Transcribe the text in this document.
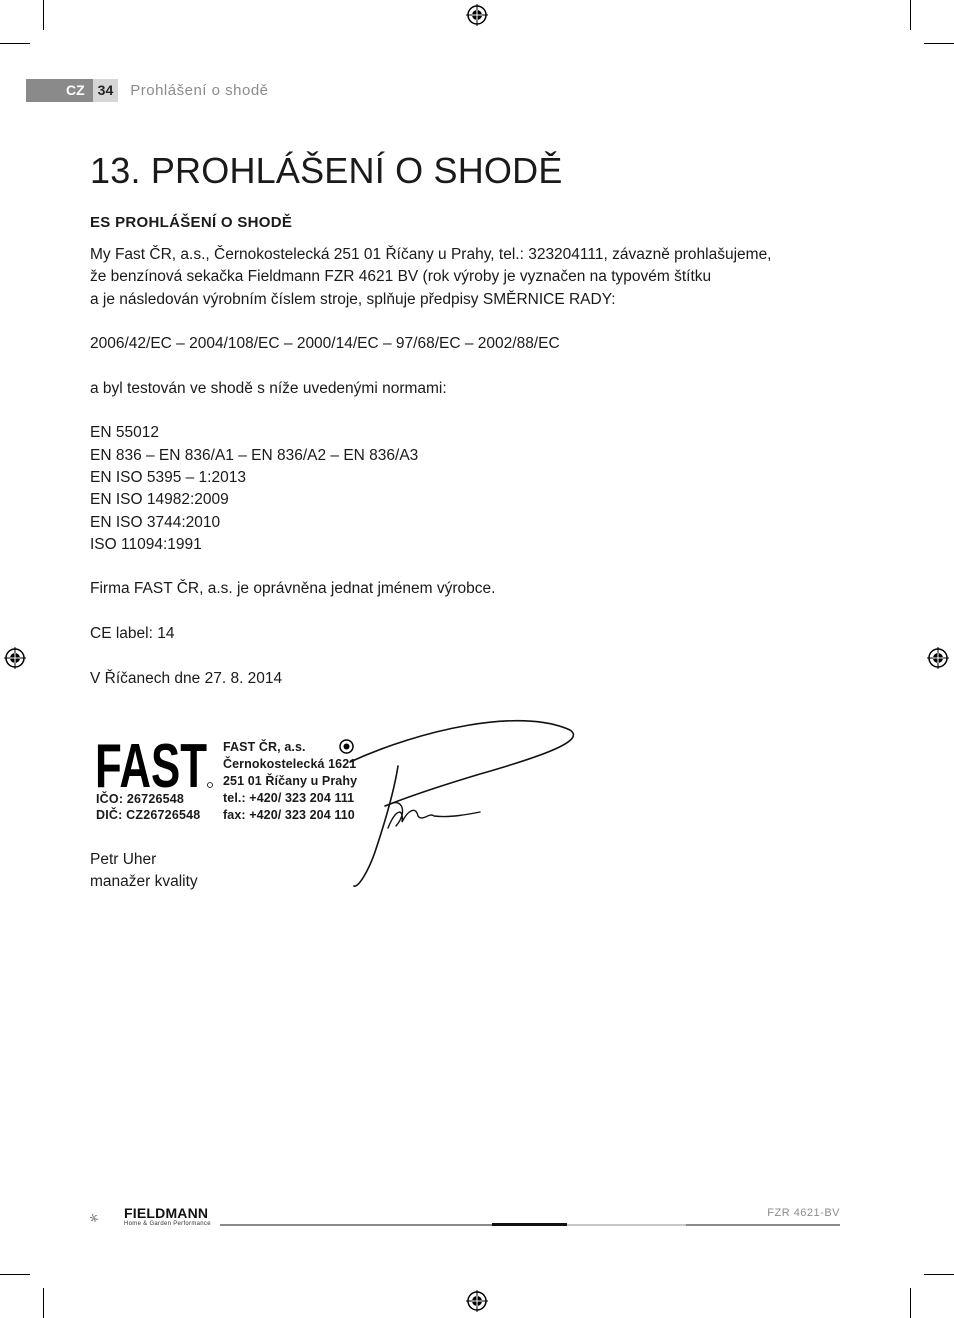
CZ 34	Prohlášení o shodě
13. PROHLÁŠENÍ O SHODĚ
ES PROHLÁŠENÍ O SHODĚ

My Fast ČR, a.s., Černokostelecká 251 01 Říčany u Prahy, tel.: 323204111, závazně prohlašujeme,

že benzínová sekačka Fieldmann FZR 4621 BV (rok výroby je vyznačen na typovém štítku

a je následován výrobním číslem stroje, splňuje předpisy SMĚRNICE RADY:

2006/42/EC – 2004/108/EC – 2000/14/EC – 97/68/EC – 2002/88/EC

a byl testován ve shodě s níže uvedenými normami:

EN 55012

EN 836 – EN 836/A1 – EN 836/A2 – EN 836/A3

EN ISO 5395 – 1:2013

EN ISO 14982:2009

EN ISO 3744:2010

ISO 11094:1991

Firma FAST ČR, a.s. je oprávněna jednat jménem výrobce.

CE label: 14

V Říčanech dne 27. 8. 2014

FAST
IČO: 26726548
DIČ: CZ26726548
FAST ČR, a.s.
Černokostelecká 1621
251 01 Říčany u Prahy
tel.: +420/ 323 204 111
fax: +420/ 323 204 110
Petr Uher
manažer kvality
FIELDMANN
Home & Garden Performance
FZR 4621-BV
